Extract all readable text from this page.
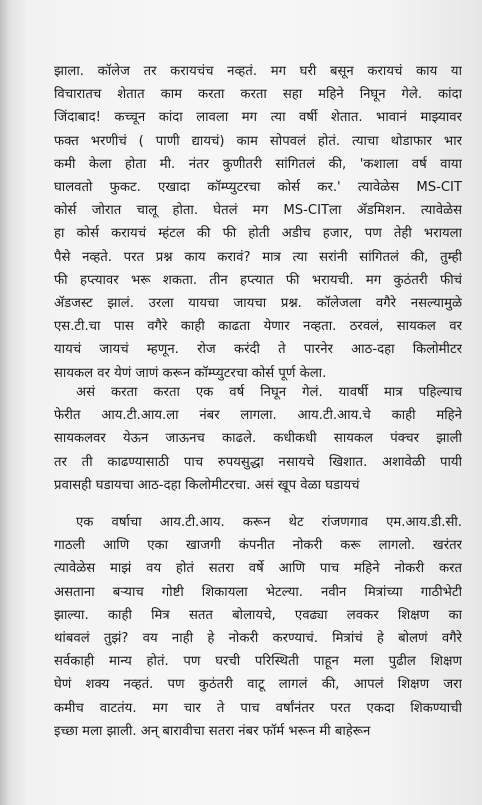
झाला. कॉलेज तर करायचंच नव्हतं. मग घरी बसून करायचं काय या
विचारातच शेतात काम करता करता सहा महिने निघून गेले. कांदा
जिंदाबाद! कच्चून कांदा लावला मग त्या वर्षी शेतात. भावानं माझ्यावर
फक्त भरणीचं ( पाणी द्यायचं) काम सोपवलं होतं. त्याचा थोडाफार भार
कमी केला होता मी. नंतर कुणीतरी सांगितलं की, 'कशाला वर्ष वाया
घालवतो फुकट. एखादा कॉम्प्युटरचा कोर्स कर.' त्यावेळेस MS-CIT
कोर्स जोरात चालू होता. घेतलं मग MS-CITला ॲडमिशन. त्यावेळेस
हा कोर्स करायचं म्हंटल की फी होती अडीच हजार, पण तेही भरायला
पैसे नव्हते. परत प्रश्न काय करावं? मात्र त्या सरांनी सांगितलं की, तुम्ही
फी हप्त्यावर भरू शकता. तीन हप्त्यात फी भरायची. मग कुठंतरी फीचं
ॲडजस्ट झालं. उरला यायचा जायचा प्रश्न. कॉलेजला वगैरे नसल्यामुळे
एस.टी.चा पास वगैरे काही काढता येणार नव्हता. ठरवलं, सायकल वर
यायचं जायचं म्हणून. रोज करंदी ते पारनेर आठ-दहा किलोमीटर
सायकल वर येणं जाणं करून कॉम्प्युटरचा कोर्स पूर्ण केला.
असं करता करता एक वर्ष निघून गेलं. यावर्षी मात्र पहिल्याच
फेरीत आय.टी.आय.ला नंबर लागला. आय.टी.आय.चे काही महिने
सायकलवर येऊन जाऊनच काढले. कधीकधी सायकल पंक्चर झाली
तर ती काढण्यासाठी पाच रुपयसुद्धा नसायचे खिशात. अशावेळी पायी
प्रवासही घडायचा आठ-दहा किलोमीटरचा. असं खूप वेळा घडायचं
एक वर्षाचा आय.टी.आय. करून थेट रांजणगाव एम.आय.डी.सी.
गाठली आणि एका खाजगी कंपनीत नोकरी करू लागलो. खरंतर
त्यावेळेस माझं वय होतं सतरा वर्षे आणि पाच महिने नोकरी करत
असताना बऱ्याच गोष्टी शिकायला भेटल्या. नवीन मित्रांच्या गाठीभेटी
झाल्या. काही मित्र सतत बोलायचे, एवढ्या लवकर शिक्षण का
थांबवलं तुझं? वय नाही हे नोकरी करण्याचं. मित्रांचं हे बोलणं वगैरे
सर्वकाही मान्य होतं. पण घरची परिस्थिती पाहून मला पुढील शिक्षण
घेणं शक्य नव्हतं. पण कुठंतरी वाटू लागलं की, आपलं शिक्षण जरा
कमीच वाटतंय. मग चार ते पाच वर्षांनंतर परत एकदा शिकण्याची
इच्छा मला झाली. अन् बारावीचा सतरा नंबर फॉर्म भरून मी बाहेरून
